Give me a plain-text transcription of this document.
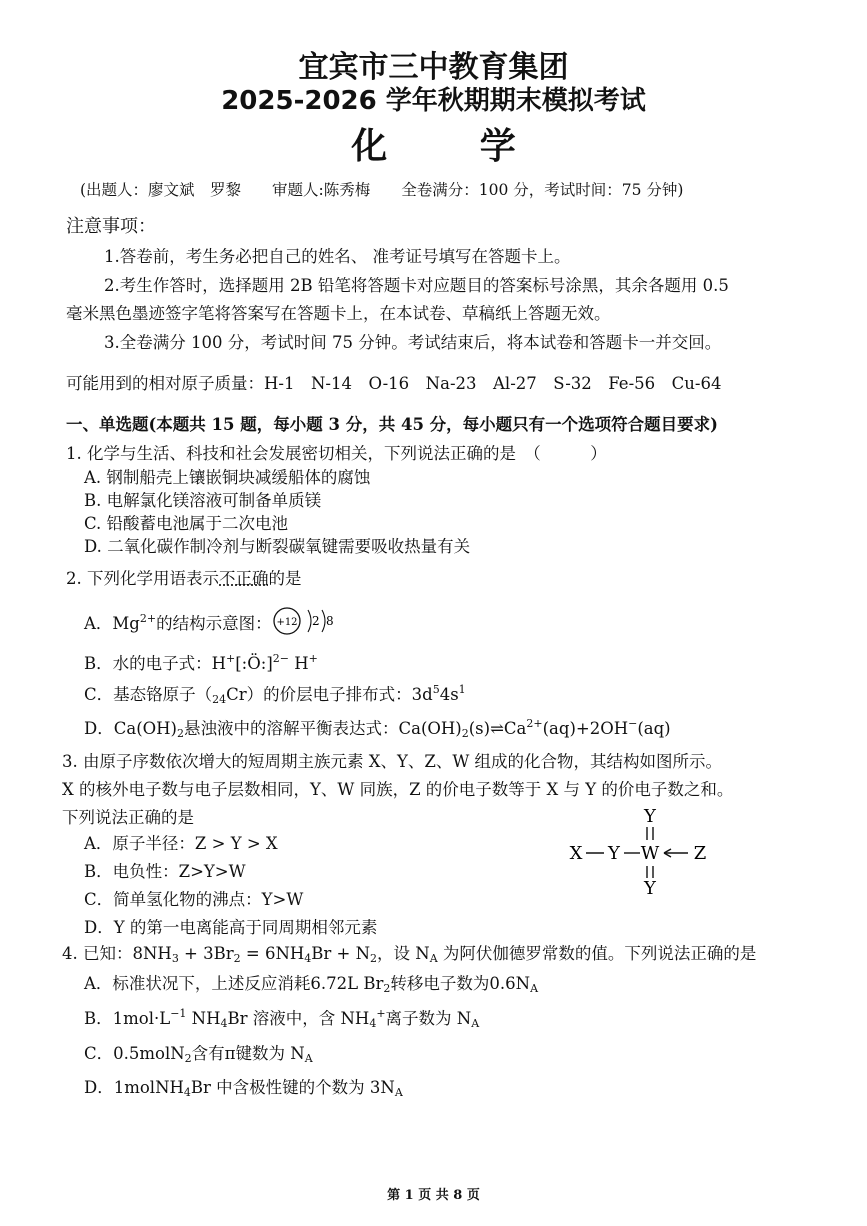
宜宾市三中教育集团
2025-2026 学年秋期期末模拟考试
化 学
(出题人：廖文斌　罗黎　　审题人:陈秀梅　　全卷满分：100 分，考试时间：75 分钟)
注意事项：
1.答卷前，考生务必把自己的姓名、 准考证号填写在答题卡上。
2.考生作答时，选择题用 2B 铅笔将答题卡对应题目的答案标号涂黑，其余各题用 0.5
毫米黑色墨迹签字笔将答案写在答题卡上，在本试卷、草稿纸上答题无效。
3.全卷满分 100 分，考试时间 75 分钟。考试结束后，将本试卷和答题卡一并交回。
可能用到的相对原子质量：H-1　N-14　O-16　Na-23　Al-27　S-32　Fe-56　Cu-64
一、单选题(本题共 15 题，每小题 3 分，共 45 分，每小题只有一个选项符合题目要求)
1. 化学与生活、科技和社会发展密切相关，下列说法正确的是　（　　　）
A. 钢制船壳上镶嵌铜块减缓船体的腐蚀
B. 电解氯化镁溶液可制备单质镁
C. 铅酸蓄电池属于二次电池
D. 二氧化碳作制冷剂与断裂碳氧键需要吸收热量有关
2. 下列化学用语表示不正确的是
A．$Mg^{2+}$的结构示意图： +12 2 8
B．水的电子式：H+[:Ö:]$^{2-}$ H+
C．基态铬原子$(_{24}Cr)$的价层电子排布式：$3d^54s^1$
D．$Ca(OH)_2$悬浊液中的溶解平衡表达式：$Ca(OH)_2(s)\rightleftharpoons Ca^{2+}(aq)+2OH^-(aq)$
3. 由原子序数依次增大的短周期主族元素 X、Y、Z、W 组成的化合物，其结构如图所示。
X 的核外电子数与电子层数相同，Y、W 同族，Z 的价电子数等于 X 与 Y 的价电子数之和。
下列说法正确的是
A．原子半径：Z > Y > X
B．电负性：Z>Y>W
C．简单氢化物的沸点：Y>W
D．Y 的第一电离能高于同周期相邻元素
Y
X Y W Z
Y
4. 已知：$8NH_3 + 3Br_2 = 6NH_4Br + N_2$，设 $N_A$ 为阿伏伽德罗常数的值。下列说法正确的是
A．标准状况下，上述反应消耗6.72L $Br_2$转移电子数为$0.6N_A$
B．$1mol\cdot L^{-1}$ $NH_4Br$ 溶液中，含 $NH_4^+$离子数为 $N_A$
C．0.5molN$_2$含有π键数为 $N_A$
D．1molNH$_4$Br 中含极性键的个数为 $3N_A$
第 1 页 共 8 页
